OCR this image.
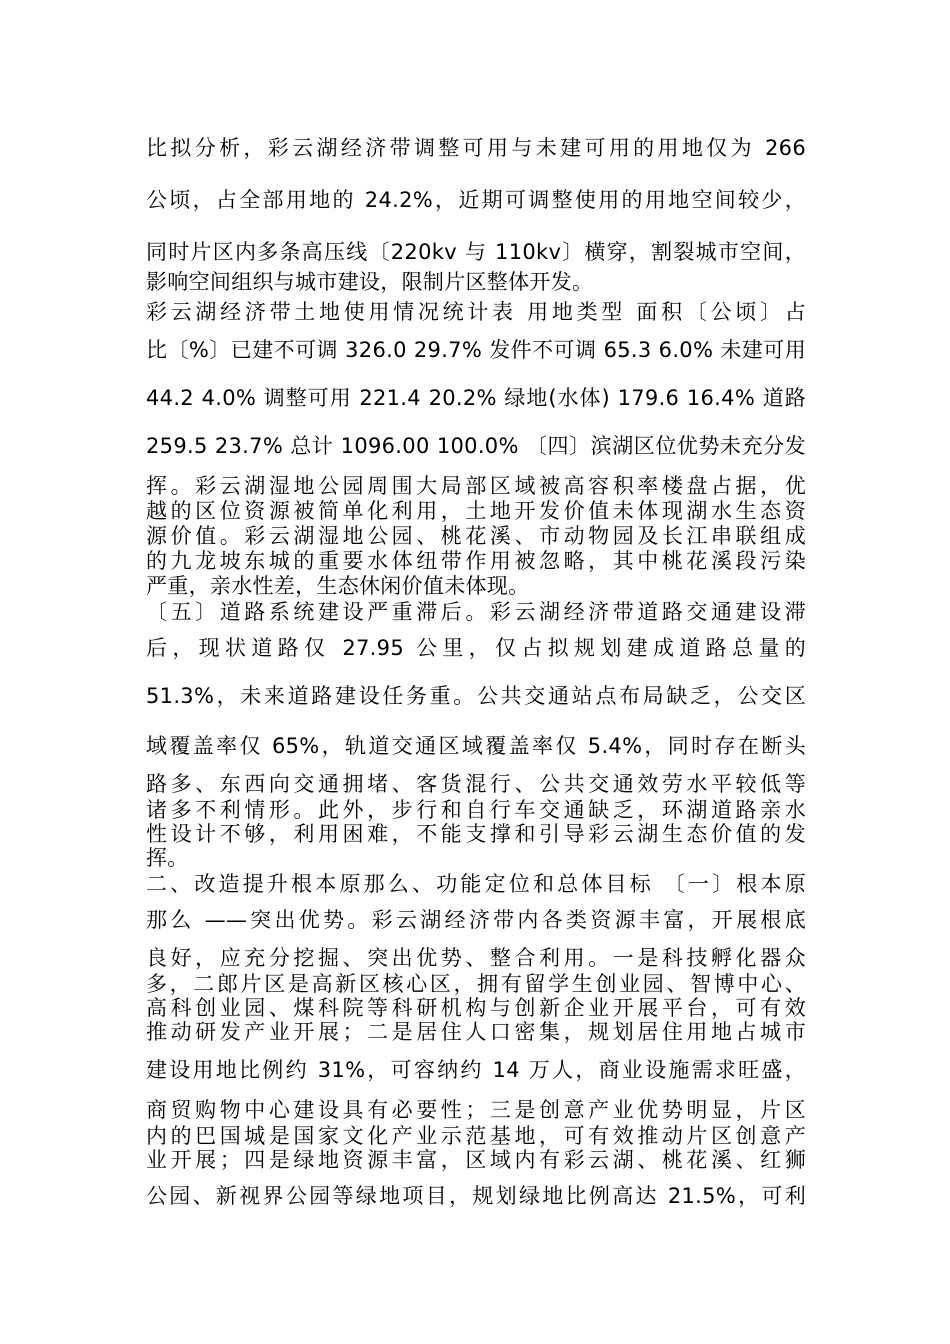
比拟分析，彩云湖经济带调整可用与未建可用的用地仅为 266
公顷，占全部用地的 24.2%，近期可调整使用的用地空间较少，
同时片区内多条高压线〔220kv 与 110kv〕横穿，割裂城市空间，
影响空间组织与城市建设，限制片区整体开发。
彩云湖经济带土地使用情况统计表 用地类型 面积〔公顷〕占
比〔%〕已建不可调 326.0 29.7% 发件不可调 65.3 6.0% 未建可用
44.2 4.0% 调整可用 221.4 20.2% 绿地(水体) 179.6 16.4% 道路
259.5 23.7% 总计 1096.00 100.0% 〔四〕滨湖区位优势未充分发
挥。彩云湖湿地公园周围大局部区域被高容积率楼盘占据，优
越的区位资源被简单化利用，土地开发价值未体现湖水生态资
源价值。彩云湖湿地公园、桃花溪、市动物园及长江串联组成
的九龙坡东城的重要水体纽带作用被忽略，其中桃花溪段污染
严重，亲水性差，生态休闲价值未体现。
〔五〕道路系统建设严重滞后。彩云湖经济带道路交通建设滞
后，现状道路仅 27.95 公里，仅占拟规划建成道路总量的
51.3%，未来道路建设任务重。公共交通站点布局缺乏，公交区
域覆盖率仅 65%，轨道交通区域覆盖率仅 5.4%，同时存在断头
路多、东西向交通拥堵、客货混行、公共交通效劳水平较低等
诸多不利情形。此外，步行和自行车交通缺乏，环湖道路亲水
性设计不够，利用困难，不能支撑和引导彩云湖生态价值的发
挥。
二、改造提升根本原那么、功能定位和总体目标 〔一〕根本原
那么 ——突出优势。彩云湖经济带内各类资源丰富，开展根底
良好，应充分挖掘、突出优势、整合利用。一是科技孵化器众
多，二郎片区是高新区核心区，拥有留学生创业园、智博中心、
高科创业园、煤科院等科研机构与创新企业开展平台，可有效
推动研发产业开展；二是居住人口密集，规划居住用地占城市
建设用地比例约 31%，可容纳约 14 万人，商业设施需求旺盛，
商贸购物中心建设具有必要性；三是创意产业优势明显，片区
内的巴国城是国家文化产业示范基地，可有效推动片区创意产
业开展；四是绿地资源丰富，区域内有彩云湖、桃花溪、红狮
公园、新视界公园等绿地项目，规划绿地比例高达 21.5%，可利
